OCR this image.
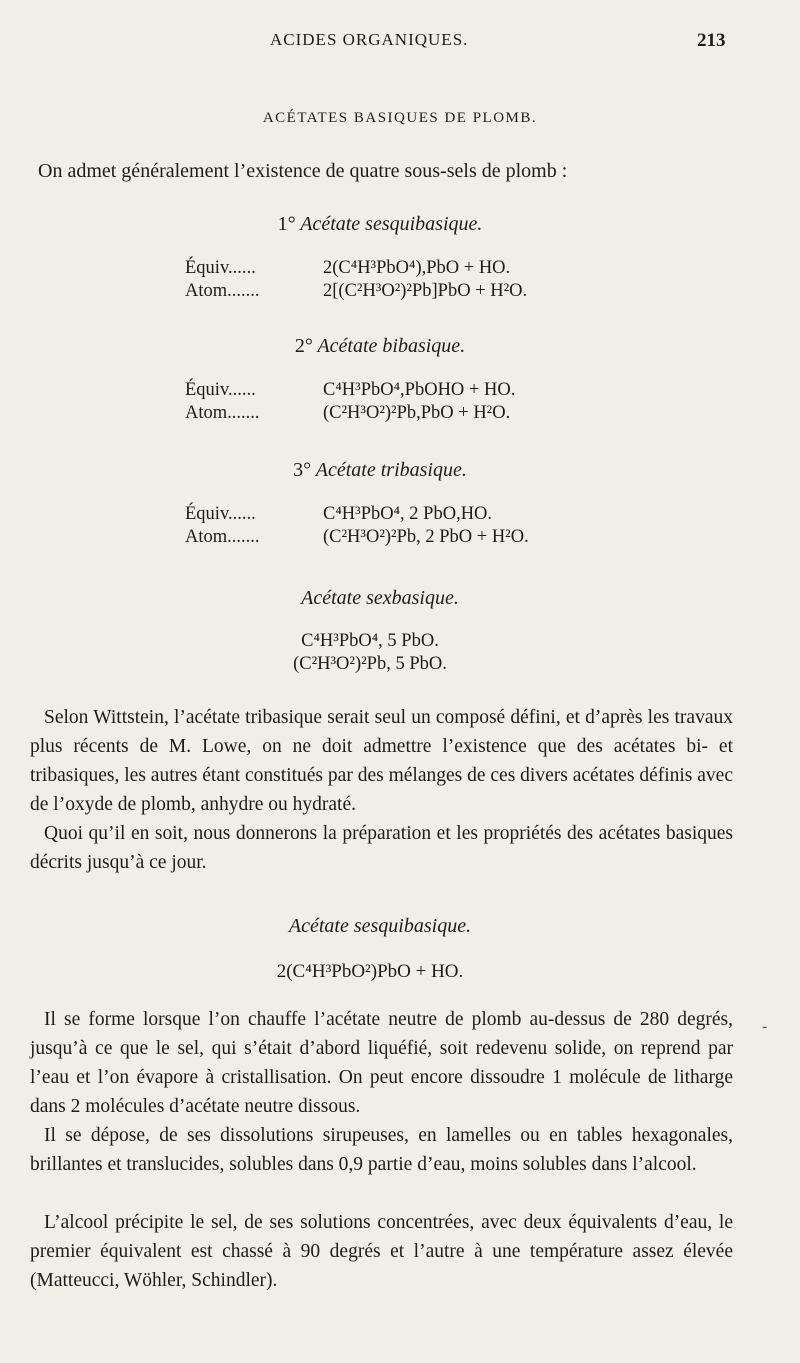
ACIDES ORGANIQUES.	213
ACÉTATES BASIQUES DE PLOMB.
On admet généralement l’existence de quatre sous-sels de plomb :
1° Acétate sesquibasique.
Équiv......	2(C⁴H³PbO⁴),PbO + HO.
Atom.......	2[(C²H³O²)²Pb]PbO + H²O.
2° Acétate bibasique.
Équiv......	C⁴H³PbO⁴,PbOHO + HO.
Atom.......	(C²H³O²)²Pb,PbO + H²O.
3° Acétate tribasique.
Équiv......	C⁴H³PbO⁴, 2 PbO,HO.
Atom.......	(C²H³O²)²Pb, 2 PbO + H²O.
Acétate sexbasique.
C⁴H³PbO⁴, 5 PbO.
(C²H³O²)²Pb, 5 PbO.
Selon Wittstein, l’acétate tribasique serait seul un composé défini, et d’après les travaux plus récents de M. Lowe, on ne doit admettre l’existence que des acétates bi- et tribasiques, les autres étant constitués par des mélanges de ces divers acétates définis avec de l’oxyde de plomb, anhydre ou hydraté.
Quoi qu’il en soit, nous donnerons la préparation et les propriétés des acétates basiques décrits jusqu’à ce jour.
Acétate sesquibasique.
2(C⁴H³PbO²)PbO + HO.
Il se forme lorsque l’on chauffe l’acétate neutre de plomb au-dessus de 280 degrés, jusqu’à ce que le sel, qui s’était d’abord liquéfié, soit redevenu solide, on reprend par l’eau et l’on évapore à cristallisation. On peut encore dissoudre 1 molécule de litharge dans 2 molécules d’acétate neutre dissous.
Il se dépose, de ses dissolutions sirupeuses, en lamelles ou en tables hexagonales, brillantes et translucides, solubles dans 0,9 partie d’eau, moins solubles dans l’alcool.
L’alcool précipite le sel, de ses solutions concentrées, avec deux équivalents d’eau, le premier équivalent est chassé à 90 degrés et l’autre à une température assez élevée (Matteucci, Wöhler, Schindler).
-
